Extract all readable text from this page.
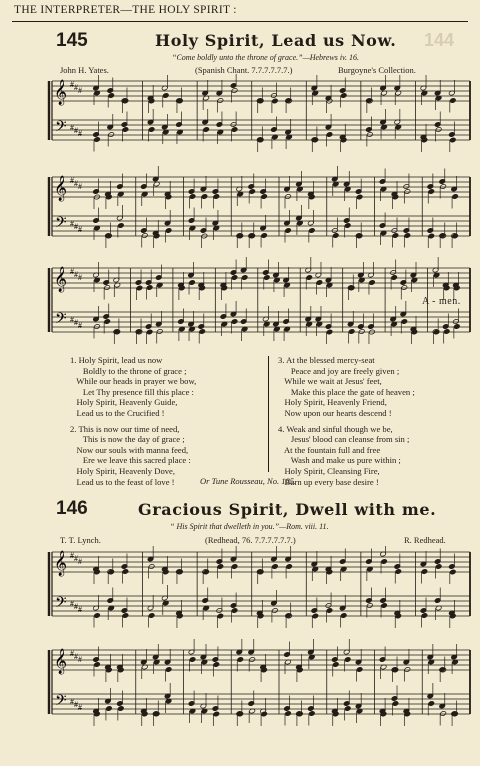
THE INTERPRETER—THE HOLY SPIRIT :
144
145	Holy Spirit, Lead us Now.
“Come boldly unto the throne of grace.”—Hebrews iv. 16.
John H. Yates.	(Spanish Chant. 7.7.7.7.7.7.)	Burgoyne's Collection.
𝄞
𝄢
#
#
#
#
#
#
𝄞
𝄢
#
#
#
#
#
#
𝄞
𝄢
#
#
#
#
#
#
A - men.

1. Holy Spirit, lead us now
Boldly to the throne of grace ;
While our heads in prayer we bow,
Let Thy presence fill this place :
Holy Spirit, Heavenly Guide,
Lead us to the Crucified !

2. This is now our time of need,
This is now the day of grace ;
Now our souls with manna feed,
Ere we leave this sacred place :
Holy Spirit, Heavenly Dove,
Lead us to the feast of love !

3. At the blessed mercy-seat
Peace and joy are freely given ;
While we wait at Jesus' feet,
Make this place the gate of heaven ;
Holy Spirit, Heavenly Friend,
Now upon our hearts descend !

4. Weak and sinful though we be,
Jesus' blood can cleanse from sin ;
At the fountain full and free
Wash and make us pure within ;
Holy Spirit, Cleansing Fire,
Burn up every base desire !

Or Tune Rousseau, No. 185.
146	Gracious Spirit, Dwell with me.
“ His Spirit that dwelleth in you.”—Rom. viii. 11.
T. T. Lynch.	(Redhead, 76. 7.7.7.7.7.7.)	R. Redhead.
𝄞
𝄢
#
#
#
#
#
#
𝄞
𝄢
#
#
#
#
#
#
